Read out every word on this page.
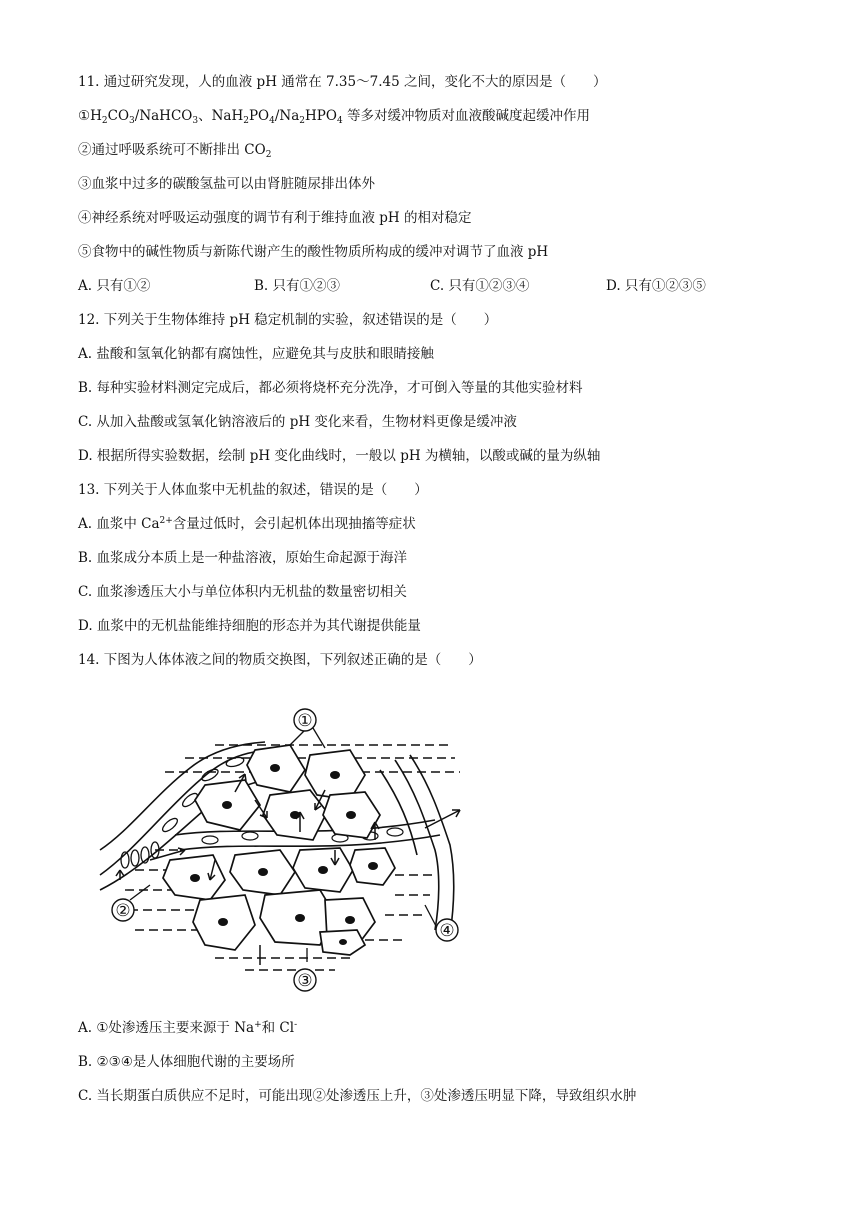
11. 通过研究发现，人的血液 pH 通常在 7.35～7.45 之间，变化不大的原因是（　　）
$①H_2CO_3/NaHCO_3$、$NaH_2PO_4/Na_2HPO_4$ 等多对缓冲物质对血液酸碱度起缓冲作用
②通过呼吸系统可不断排出 $CO_2$
③血浆中过多的碳酸氢盐可以由肾脏随尿排出体外
④神经系统对呼吸运动强度的调节有利于维持血液 pH 的相对稳定
⑤食物中的碱性物质与新陈代谢产生的酸性物质所构成的缓冲对调节了血液 pH
A. 只有①②	B. 只有①②③	C. 只有①②③④	D. 只有①②③⑤
12. 下列关于生物体维持 pH 稳定机制的实验，叙述错误的是（　　）
A. 盐酸和氢氧化钠都有腐蚀性，应避免其与皮肤和眼睛接触
B. 每种实验材料测定完成后，都必须将烧杯充分洗净，才可倒入等量的其他实验材料
C. 从加入盐酸或氢氧化钠溶液后的 pH 变化来看，生物材料更像是缓冲液
D. 根据所得实验数据，绘制 pH 变化曲线时，一般以 pH 为横轴，以酸或碱的量为纵轴
13. 下列关于人体血浆中无机盐的叙述，错误的是（　　）
A. 血浆中 $Ca^{2+}$含量过低时，会引起机体出现抽搐等症状
B. 血浆成分本质上是一种盐溶液，原始生命起源于海洋
C. 血浆渗透压大小与单位体积内无机盐的数量密切相关
D. 血浆中的无机盐能维持细胞的形态并为其代谢提供能量
14. 下图为人体体液之间的物质交换图，下列叙述正确的是（　　）
①
②
③
④
A. ①处渗透压主要来源于 Na+和 Cl-
B. ②③④是人体细胞代谢的主要场所
C. 当长期蛋白质供应不足时，可能出现②处渗透压上升，③处渗透压明显下降，导致组织水肿
